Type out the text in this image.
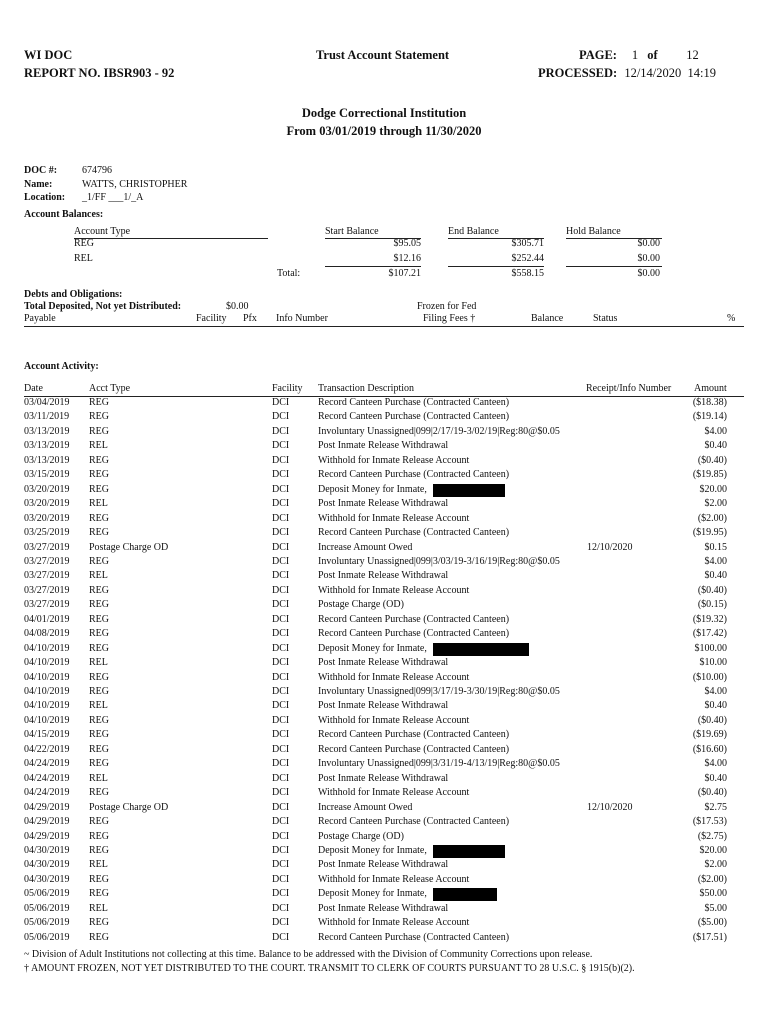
WI DOC
REPORT NO. IBSR903 - 92
Trust Account Statement	PAGE: 1 of 12
PROCESSED: 12/14/2020  14:19
Dodge Correctional Institution
From 03/01/2019 through 11/30/2020
DOC #: 674796
Name:	WATTS, CHRISTOPHER
Location: _1/FF ___1/_A
Account Balances:
Account Type	Start Balance	End Balance	Hold Balance
REG	$95.05	$305.71	$0.00
REL	$12.16	$252.44	$0.00
Total:	$107.21	$558.15	$0.00
Debts and Obligations:
Total Deposited, Not yet Distributed:	$0.00	Frozen for Fed
Payable	Facility Pfx Info Number	Filing Fees †	Balance	Status	%
Account Activity:
Date	Acct Type	Facility Transaction Description	Receipt/Info Number Amount
03/04/2019 REG	DCI	Record Canteen Purchase (Contracted Canteen)	($18.38)
03/11/2019 REG	DCI	Record Canteen Purchase (Contracted Canteen)	($19.14)
03/13/2019 REG	DCI	Involuntary Unassigned|099|2/17/19-3/02/19|Reg:80@$0.05	$4.00
03/13/2019 REL	DCI	Post Inmate Release Withdrawal	$0.40
03/13/2019 REG	DCI	Withhold for Inmate Release Account	($0.40)
03/15/2019 REG	DCI	Record Canteen Purchase (Contracted Canteen)	($19.85)
03/20/2019 REG	DCI	Deposit Money for Inmate,	$20.00
03/20/2019 REL	DCI	Post Inmate Release Withdrawal	$2.00
03/20/2019 REG	DCI	Withhold for Inmate Release Account	($2.00)
03/25/2019 REG	DCI	Record Canteen Purchase (Contracted Canteen)	($19.95)
03/27/2019 Postage Charge OD	DCI	Increase Amount Owed	12/10/2020	$0.15
03/27/2019 REG	DCI	Involuntary Unassigned|099|3/03/19-3/16/19|Reg:80@$0.05	$4.00
03/27/2019 REL	DCI	Post Inmate Release Withdrawal	$0.40
03/27/2019 REG	DCI	Withhold for Inmate Release Account	($0.40)
03/27/2019 REG	DCI	Postage Charge (OD)	($0.15)
04/01/2019 REG	DCI	Record Canteen Purchase (Contracted Canteen)	($19.32)
04/08/2019 REG	DCI	Record Canteen Purchase (Contracted Canteen)	($17.42)
04/10/2019 REG	DCI	Deposit Money for Inmate,	$100.00
04/10/2019 REL	DCI	Post Inmate Release Withdrawal	$10.00
04/10/2019 REG	DCI	Withhold for Inmate Release Account	($10.00)
04/10/2019 REG	DCI	Involuntary Unassigned|099|3/17/19-3/30/19|Reg:80@$0.05	$4.00
04/10/2019 REL	DCI	Post Inmate Release Withdrawal	$0.40
04/10/2019 REG	DCI	Withhold for Inmate Release Account	($0.40)
04/15/2019 REG	DCI	Record Canteen Purchase (Contracted Canteen)	($19.69)
04/22/2019 REG	DCI	Record Canteen Purchase (Contracted Canteen)	($16.60)
04/24/2019 REG	DCI	Involuntary Unassigned|099|3/31/19-4/13/19|Reg:80@$0.05	$4.00
04/24/2019 REL	DCI	Post Inmate Release Withdrawal	$0.40
04/24/2019 REG	DCI	Withhold for Inmate Release Account	($0.40)
04/29/2019 Postage Charge OD	DCI	Increase Amount Owed	12/10/2020	$2.75
04/29/2019 REG	DCI	Record Canteen Purchase (Contracted Canteen)	($17.53)
04/29/2019 REG	DCI	Postage Charge (OD)	($2.75)
04/30/2019 REG	DCI	Deposit Money for Inmate,	$20.00
04/30/2019 REL	DCI	Post Inmate Release Withdrawal	$2.00
04/30/2019 REG	DCI	Withhold for Inmate Release Account	($2.00)
05/06/2019 REG	DCI	Deposit Money for Inmate,	$50.00
05/06/2019 REL	DCI	Post Inmate Release Withdrawal	$5.00
05/06/2019 REG	DCI	Withhold for Inmate Release Account	($5.00)
05/06/2019 REG	DCI	Record Canteen Purchase (Contracted Canteen)	($17.51)
~ Division of Adult Institutions not collecting at this time. Balance to be addressed with the Division of Community Corrections upon release.
† AMOUNT FROZEN, NOT YET DISTRIBUTED TO THE COURT. TRANSMIT TO CLERK OF COURTS PURSUANT TO 28 U.S.C. § 1915(b)(2).
